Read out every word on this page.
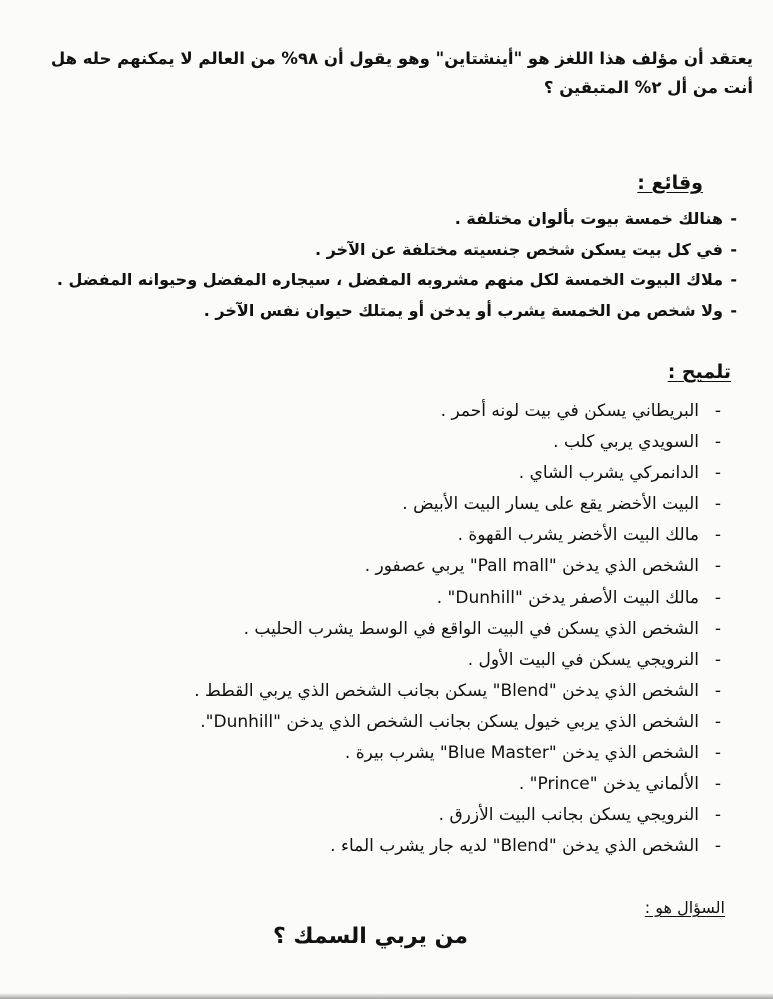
يعتقد أن مؤلف هذا اللغز هو "أينشتاين" وهو يقول أن ٩٨% من العالم لا يمكنهم حله هل

أنت من أل ٢% المتبقين ؟

وقائع :
-
هنالك خمسة بيوت بألوان مختلفة .
-
في كل بيت يسكن شخص جنسيته مختلفة عن الآخر .
-
ملاك البيوت الخمسة لكل منهم مشروبه المفضل ، سيجاره المفضل وحيوانه المفضل .
-
ولا شخص من الخمسة يشرب أو يدخن أو يمتلك حيوان نفس الآخر .
تلميح :
-
البريطاني يسكن في بيت لونه أحمر .
-
السويدي يربي كلب .
-
الدانمركي يشرب الشاي .
-
البيت الأخضر يقع على يسار البيت الأبيض .
-
مالك البيت الأخضر يشرب القهوة .
-
الشخص الذي يدخن "Pall mall" يربي عصفور .
-
مالك البيت الأصفر يدخن "Dunhill" .
-
الشخص الذي يسكن في البيت الواقع في الوسط يشرب الحليب .
-
النرويجي يسكن في البيت الأول .
-
الشخص الذي يدخن "Blend" يسكن بجانب الشخص الذي يربي القطط .
-
الشخص الذي يربي خيول يسكن بجانب الشخص الذي يدخن "Dunhill".
-
الشخص الذي يدخن "Blue Master" يشرب بيرة .
-
الألماني يدخن "Prince" .
-
النرويجي يسكن بجانب البيت الأزرق .
-
الشخص الذي يدخن "Blend" لديه جار يشرب الماء .
السؤال هو :
من يربي السمك ؟
